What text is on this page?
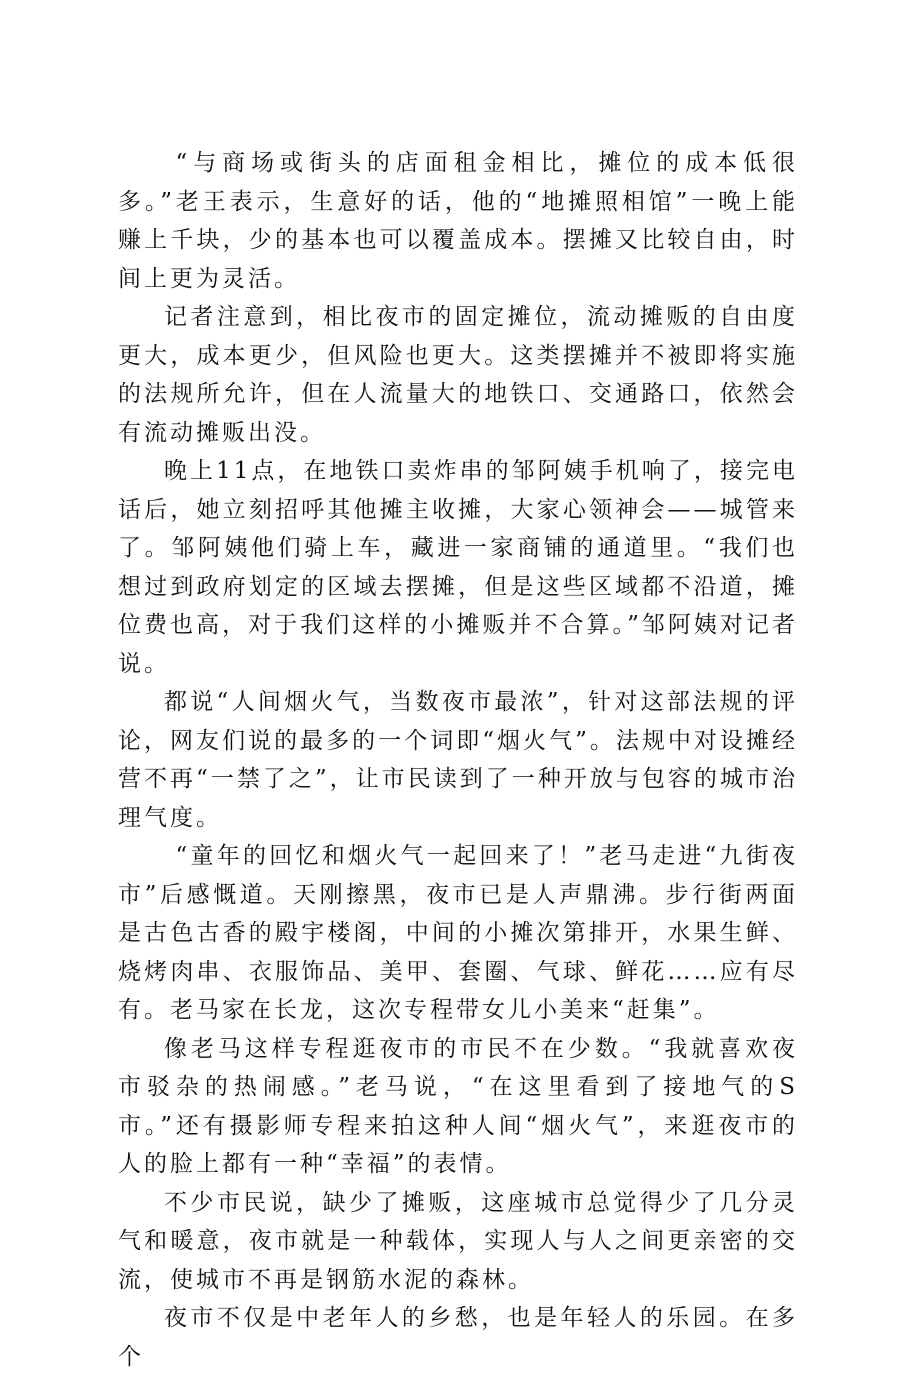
“与商场或街头的店面租金相比，摊位的成本低很多。”老王表示，生意好的话，他的“地摊照相馆”一晚上能赚上千块，少的基本也可以覆盖成本。摆摊又比较自由，时间上更为灵活。

记者注意到，相比夜市的固定摊位，流动摊贩的自由度更大，成本更少，但风险也更大。这类摆摊并不被即将实施的法规所允许，但在人流量大的地铁口、交通路口，依然会有流动摊贩出没。

晚上11点，在地铁口卖炸串的邹阿姨手机响了，接完电话后，她立刻招呼其他摊主收摊，大家心领神会——城管来了。邹阿姨他们骑上车，藏进一家商铺的通道里。“我们也想过到政府划定的区域去摆摊，但是这些区域都不沿道，摊位费也高，对于我们这样的小摊贩并不合算。”邹阿姨对记者说。

都说“人间烟火气，当数夜市最浓”，针对这部法规的评论，网友们说的最多的一个词即“烟火气”。法规中对设摊经营不再“一禁了之”，让市民读到了一种开放与包容的城市治理气度。

“童年的回忆和烟火气一起回来了！”老马走进“九街夜市”后感慨道。天刚擦黑，夜市已是人声鼎沸。步行街两面是古色古香的殿宇楼阁，中间的小摊次第排开，水果生鲜、烧烤肉串、衣服饰品、美甲、套圈、气球、鲜花……应有尽有。老马家在长龙，这次专程带女儿小美来“赶集”。

像老马这样专程逛夜市的市民不在少数。“我就喜欢夜市驳杂的热闹感。”老马说，“在这里看到了接地气的S市。”还有摄影师专程来拍这种人间“烟火气”，来逛夜市的人的脸上都有一种“幸福”的表情。

不少市民说，缺少了摊贩，这座城市总觉得少了几分灵气和暖意，夜市就是一种载体，实现人与人之间更亲密的交流，使城市不再是钢筋水泥的森林。

夜市不仅是中老年人的乡愁，也是年轻人的乐园。在多个
